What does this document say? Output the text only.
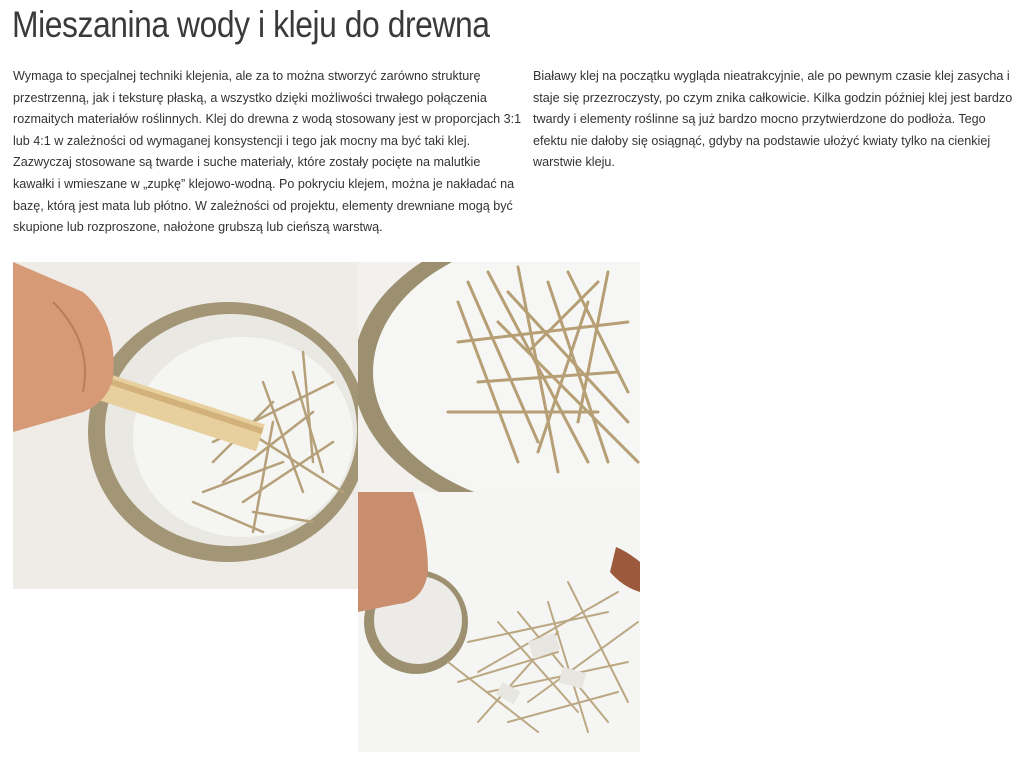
Mieszanina wody i kleju do drewna

Wymaga to specjalnej techniki klejenia, ale za to można stworzyć zarówno strukturę przestrzenną, jak i teksturę płaską, a wszystko dzięki możliwości trwałego połączenia rozmaitych materiałów roślinnych. Klej do drewna z wodą stosowany jest w proporcjach 3:1 lub 4:1 w zależności od wymaganej konsystencji i tego jak mocny ma być taki klej. Zazwyczaj stosowane są twarde i suche materiały, które zostały pocięte na malutkie kawałki i wmieszane w „zupkę” klejowo-wodną. Po pokryciu klejem, można je nakładać na bazę, którą jest mata lub płótno. W zależności od projektu, elementy drewniane mogą być skupione lub rozproszone, nałożone grubszą lub cieńszą warstwą.

Białawy klej na początku wygląda nieatrakcyjnie, ale po pewnym czasie klej zasycha i staje się przezroczysty, po czym znika całkowicie. Kilka godzin później klej jest bardzo twardy i elementy roślinne są już bardzo mocno przytwierdzone do podłoża. Tego efektu nie dałoby się osiągnąć, gdyby na podstawie ułożyć kwiaty tylko na cienkiej warstwie kleju.
